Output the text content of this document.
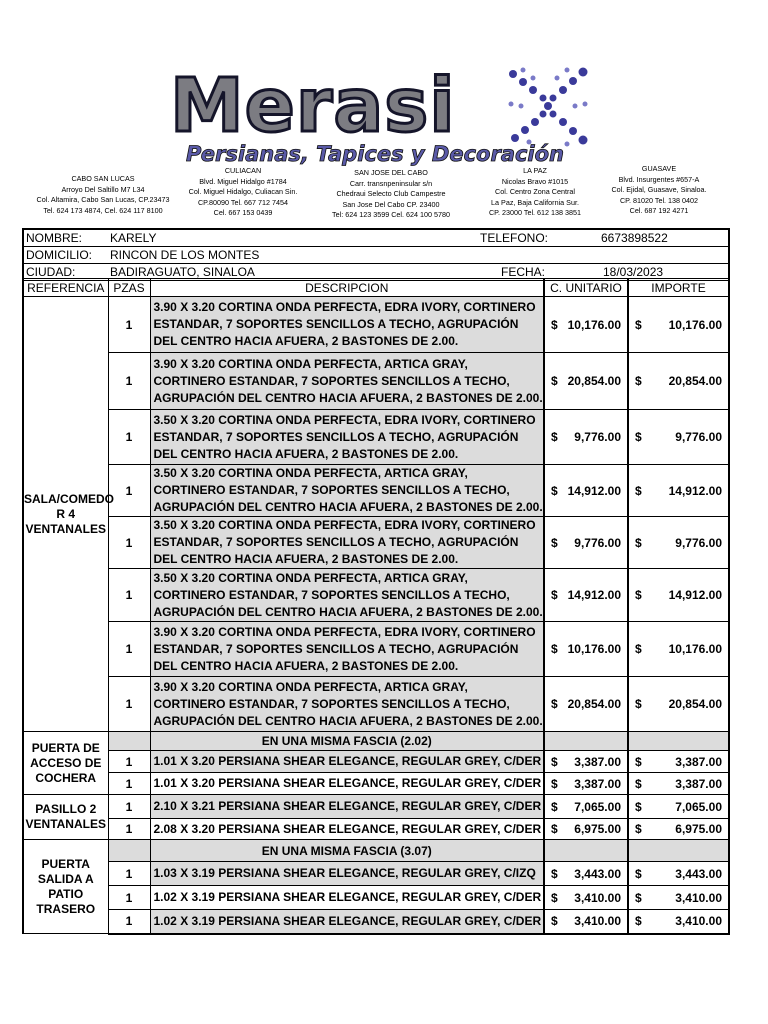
Merasi
Persianas, Tapices y Decoración
CABO SAN LUCAS
Arroyo Del Saltillo M7 L34
Col. Altamira, Cabo San Lucas, CP.23473
Tel. 624 173 4874, Cel. 624 117 8100
CULIACAN
Blvd. Miguel Hidalgo #1784
Col. Miguel Hidalgo, Culiacan Sin.
CP.80090 Tel. 667 712 7454
Cel. 667 153 0439
SAN JOSE DEL CABO
Carr. transnpeninsular s/n
Chedraui Selecto Club Campestre
San Jose Del Cabo CP. 23400
Tel: 624 123 3599 Cel. 624 100 5780
LA PAZ
Nicolas Bravo #1015
Col. Centro Zona Central
La Paz, Baja California Sur.
CP. 23000 Tel. 612 138 3851
GUASAVE
Blvd. Insurgentes #657-A
Col. Ejidal, Guasave, Sinaloa.
CP. 81020 Tel. 138 0402
Cel. 687 192 4271
NOMBRE: KARELY	TELEFONO:	6673898522
DOMICILIO: RINCON DE LOS MONTES
CIUDAD:	BADIRAGUATO, SINALOA	FECHA:	18/03/2023
REFERENCIA	PZAS	DESCRIPCION	C. UNITARIO	IMPORTE
SALA/COMEDO R 4 VENTANALES	1	3.90 X 3.20 CORTINA ONDA PERFECTA, EDRA IVORY, CORTINERO ESTANDAR, 7 SOPORTES SENCILLOS A TECHO, AGRUPACIÓN DEL CENTRO HACIA AFUERA, 2 BASTONES DE 2.00.	$ 10,176.00	$ 10,176.00

	1	3.90 X 3.20 CORTINA ONDA PERFECTA, ARTICA GRAY, CORTINERO ESTANDAR, 7 SOPORTES SENCILLOS A TECHO, AGRUPACIÓN DEL CENTRO HACIA AFUERA, 2 BASTONES DE 2.00.	$ 20,854.00	$ 20,854.00

	1	3.50 X 3.20 CORTINA ONDA PERFECTA, EDRA IVORY, CORTINERO ESTANDAR, 7 SOPORTES SENCILLOS A TECHO, AGRUPACIÓN DEL CENTRO HACIA AFUERA, 2 BASTONES DE 2.00.	$ 9,776.00	$ 9,776.00

	1	3.50 X 3.20 CORTINA ONDA PERFECTA, ARTICA GRAY, CORTINERO ESTANDAR, 7 SOPORTES SENCILLOS A TECHO, AGRUPACIÓN DEL CENTRO HACIA AFUERA, 2 BASTONES DE 2.00.	$ 14,912.00	$ 14,912.00

	1	3.50 X 3.20 CORTINA ONDA PERFECTA, EDRA IVORY, CORTINERO ESTANDAR, 7 SOPORTES SENCILLOS A TECHO, AGRUPACIÓN DEL CENTRO HACIA AFUERA, 2 BASTONES DE 2.00.	$ 9,776.00	$ 9,776.00

	1	3.50 X 3.20 CORTINA ONDA PERFECTA, ARTICA GRAY, CORTINERO ESTANDAR, 7 SOPORTES SENCILLOS A TECHO, AGRUPACIÓN DEL CENTRO HACIA AFUERA, 2 BASTONES DE 2.00.	$ 14,912.00	$ 14,912.00

	1	3.90 X 3.20 CORTINA ONDA PERFECTA, EDRA IVORY, CORTINERO ESTANDAR, 7 SOPORTES SENCILLOS A TECHO, AGRUPACIÓN DEL CENTRO HACIA AFUERA, 2 BASTONES DE 2.00.	$ 10,176.00	$ 10,176.00

	1	3.90 X 3.20 CORTINA ONDA PERFECTA, ARTICA GRAY, CORTINERO ESTANDAR, 7 SOPORTES SENCILLOS A TECHO, AGRUPACIÓN DEL CENTRO HACIA AFUERA, 2 BASTONES DE 2.00.	$ 20,854.00	$ 20,854.00

PUERTA DE ACCESO DE COCHERA		EN UNA MISMA FASCIA (2.02)		
	1	1.01 X 3.20 PERSIANA SHEAR ELEGANCE, REGULAR GREY, C/DER	$ 3,387.00	$ 3,387.00

	1	1.01 X 3.20 PERSIANA SHEAR ELEGANCE, REGULAR GREY, C/DER	$ 3,387.00	$ 3,387.00

PASILLO 2 VENTANALES	1	2.10 X 3.21 PERSIANA SHEAR ELEGANCE, REGULAR GREY, C/DER	$ 7,065.00	$ 7,065.00

	1	2.08 X 3.20 PERSIANA SHEAR ELEGANCE, REGULAR GREY, C/DER	$ 6,975.00	$ 6,975.00

PUERTA SALIDA A PATIO TRASERO		EN UNA MISMA FASCIA (3.07)		
	1	1.03 X 3.19 PERSIANA SHEAR ELEGANCE, REGULAR GREY, C/IZQ	$ 3,443.00	$ 3,443.00

	1	1.02 X 3.19 PERSIANA SHEAR ELEGANCE, REGULAR GREY, C/DER	$ 3,410.00	$ 3,410.00

	1	1.02 X 3.19 PERSIANA SHEAR ELEGANCE, REGULAR GREY, C/DER	$ 3,410.00	$ 3,410.00
